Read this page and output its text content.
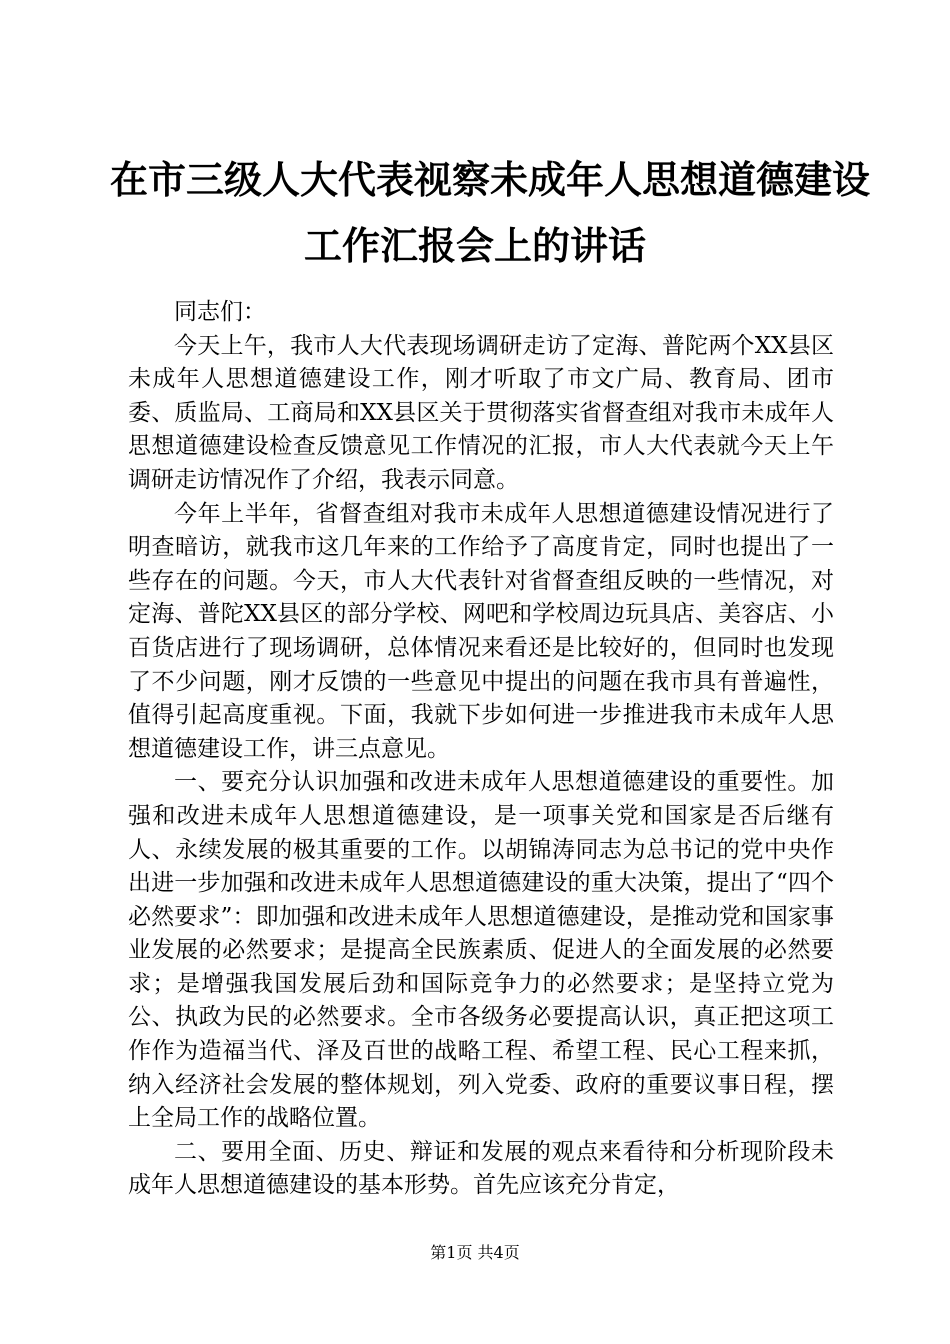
在市三级人大代表视察未成年人思想道德建设
工作汇报会上的讲话

同志们：

今天上午，我市人大代表现场调研走访了定海、普陀两个XX县区未成年人思想道德建设工作，刚才听取了市文广局、教育局、团市委、质监局、工商局和XX县区关于贯彻落实省督查组对我市未成年人思想道德建设检查反馈意见工作情况的汇报，市人大代表就今天上午调研走访情况作了介绍，我表示同意。

今年上半年，省督查组对我市未成年人思想道德建设情况进行了明查暗访，就我市这几年来的工作给予了高度肯定，同时也提出了一些存在的问题。今天，市人大代表针对省督查组反映的一些情况，对定海、普陀XX县区的部分学校、网吧和学校周边玩具店、美容店、小百货店进行了现场调研，总体情况来看还是比较好的，但同时也发现了不少问题，刚才反馈的一些意见中提出的问题在我市具有普遍性，值得引起高度重视。下面，我就下步如何进一步推进我市未成年人思想道德建设工作，讲三点意见。

一、要充分认识加强和改进未成年人思想道德建设的重要性。加强和改进未成年人思想道德建设，是一项事关党和国家是否后继有人、永续发展的极其重要的工作。以胡锦涛同志为总书记的党中央作出进一步加强和改进未成年人思想道德建设的重大决策，提出了“四个必然要求”：即加强和改进未成年人思想道德建设，是推动党和国家事业发展的必然要求；是提高全民族素质、促进人的全面发展的必然要求；是增强我国发展后劲和国际竞争力的必然要求；是坚持立党为公、执政为民的必然要求。全市各级务必要提高认识，真正把这项工作作为造福当代、泽及百世的战略工程、希望工程、民心工程来抓，纳入经济社会发展的整体规划，列入党委、政府的重要议事日程，摆上全局工作的战略位置。

二、要用全面、历史、辩证和发展的观点来看待和分析现阶段未成年人思想道德建设的基本形势。首先应该充分肯定，

第1页 共4页
